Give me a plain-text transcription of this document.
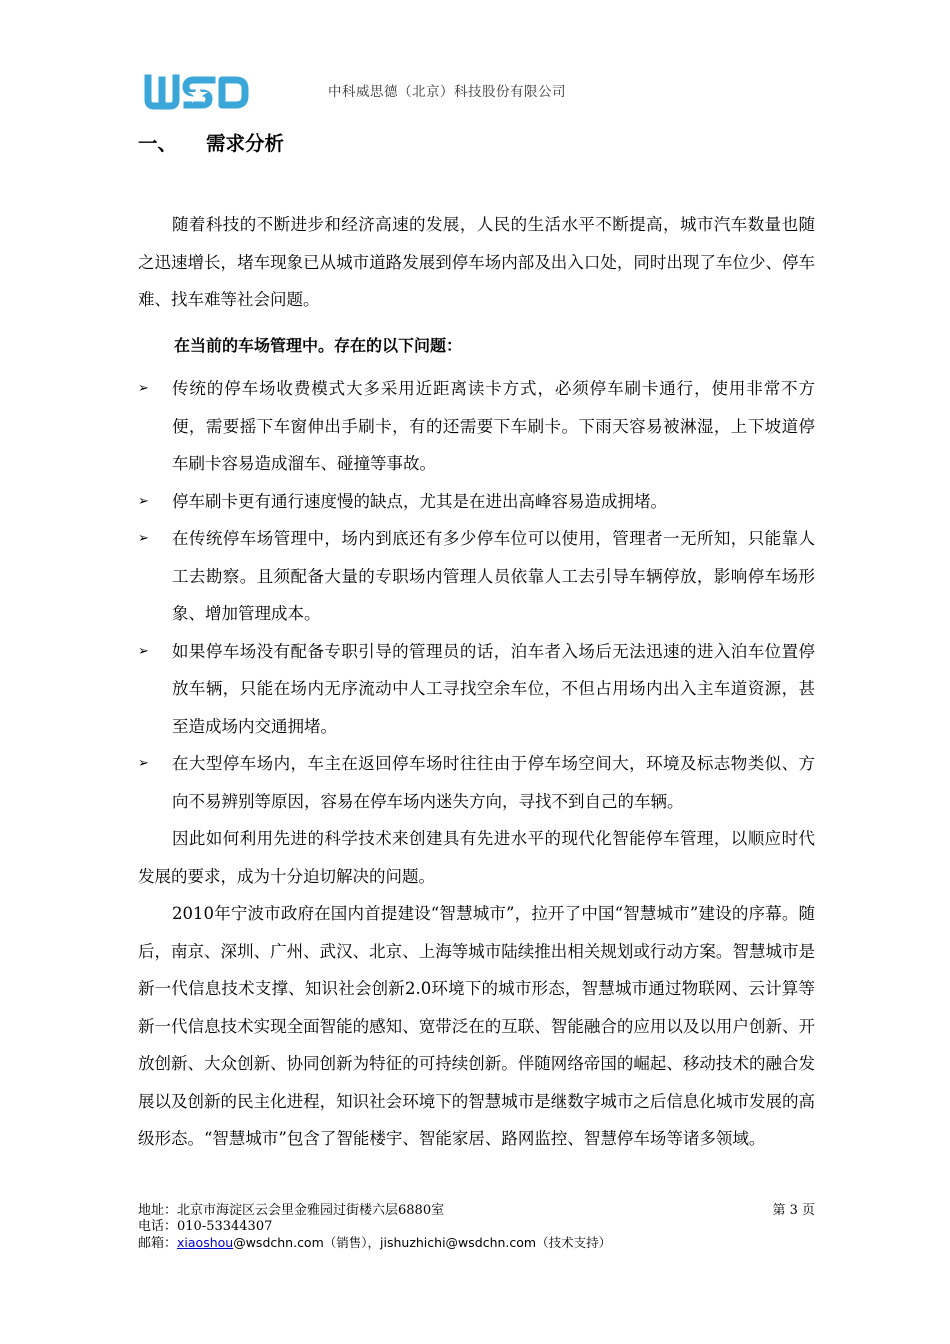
中科威思德（北京）科技股份有限公司
一、 需求分析

随着科技的不断进步和经济高速的发展，人民的生活水平不断提高，城市汽车数量也随之迅速增长，堵车现象已从城市道路发展到停车场内部及出入口处，同时出现了车位少、停车难、找车难等社会问题。

在当前的车场管理中。存在的以下问题：

➢ 传统的停车场收费模式大多采用近距离读卡方式，必须停车刷卡通行，使用非常不方便，需要摇下车窗伸出手刷卡，有的还需要下车刷卡。下雨天容易被淋湿，上下坡道停车刷卡容易造成溜车、碰撞等事故。

➢ 停车刷卡更有通行速度慢的缺点，尤其是在进出高峰容易造成拥堵。

➢ 在传统停车场管理中，场内到底还有多少停车位可以使用，管理者一无所知，只能靠人工去勘察。且须配备大量的专职场内管理人员依靠人工去引导车辆停放，影响停车场形象、增加管理成本。

➢ 如果停车场没有配备专职引导的管理员的话，泊车者入场后无法迅速的进入泊车位置停放车辆，只能在场内无序流动中人工寻找空余车位，不但占用场内出入主车道资源，甚至造成场内交通拥堵。

➢ 在大型停车场内，车主在返回停车场时往往由于停车场空间大，环境及标志物类似、方向不易辨别等原因，容易在停车场内迷失方向，寻找不到自己的车辆。

因此如何利用先进的科学技术来创建具有先进水平的现代化智能停车管理，以顺应时代发展的要求，成为十分迫切解决的问题。

2010年宁波市政府在国内首提建设“智慧城市”，拉开了中国“智慧城市”建设的序幕。随后，南京、深圳、广州、武汉、北京、上海等城市陆续推出相关规划或行动方案。智慧城市是新一代信息技术支撑、知识社会创新2.0环境下的城市形态，智慧城市通过物联网、云计算等新一代信息技术实现全面智能的感知、宽带泛在的互联、智能融合的应用以及以用户创新、开放创新、大众创新、协同创新为特征的可持续创新。伴随网络帝国的崛起、移动技术的融合发展以及创新的民主化进程，知识社会环境下的智慧城市是继数字城市之后信息化城市发展的高级形态。“智慧城市”包含了智能楼宇、智能家居、路网监控、智慧停车场等诸多领域。

地址：北京市海淀区云会里金雅园过街楼六层6880室	第 3 页
电话：010-53344307
邮箱：xiaoshou@wsdchn.com（销售），jishuzhichi@wsdchn.com（技术支持）
